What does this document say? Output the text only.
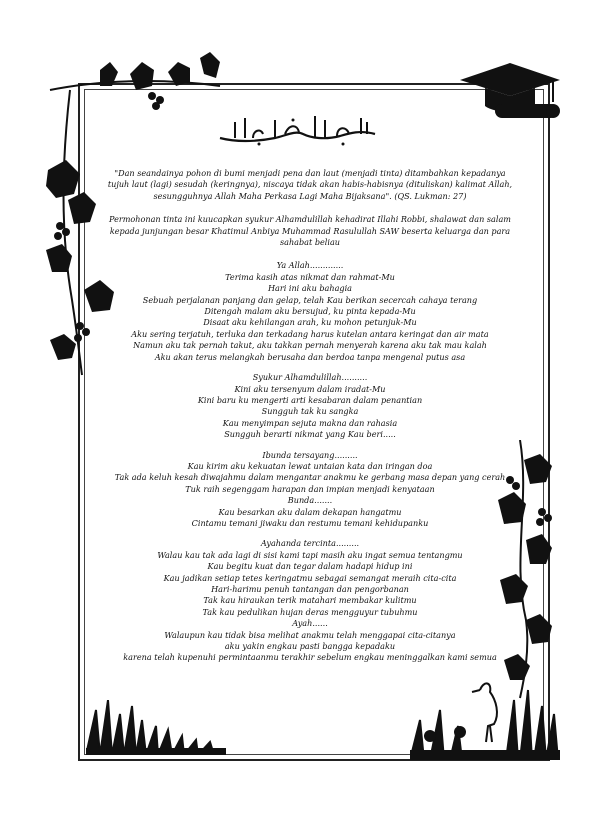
"Dan seandainya pohon di bumi menjadi pena dan laut (menjadi tinta) ditambahkan kepadanya tujuh laut (lagi) sesudah (keringnya), niscaya tidak akan habis-habisnya (dituliskan) kalimat Allah, sesungguhnya Allah Maha Perkasa Lagi Maha Bijaksana". (QS. Lukman: 27)
Permohonan tinta ini kuucapkan syukur Alhamdulillah kehadirat Illahi Robbi, shalawat dan salam kepada junjungan besar Khatimul Anbiya Muhammad Rasulullah SAW beserta keluarga dan para sahabat beliau
Ya Allah.............
Terima kasih atas nikmat dan rahmat-Mu
Hari ini aku bahagia
Sebuah perjalanan panjang dan gelap, telah Kau berikan secercah cahaya terang
Ditengah malam aku bersujud, ku pinta kepada-Mu
Disaat aku kehilangan arah, ku mohon petunjuk-Mu
Aku sering terjatuh, terluka dan terkadang harus kutelan antara keringat dan air mata
Namun aku tak pernah takut, aku takkan pernah menyerah karena aku tak mau kalah
Aku akan terus melangkah berusaha dan berdoa tanpa mengenal putus asa
Syukur Alhamdulillah..........
Kini aku tersenyum dalam iradat-Mu
Kini baru ku mengerti arti kesabaran dalam penantian
Sungguh tak ku sangka
Kau menyimpan sejuta makna dan rahasia
Sungguh berarti nikmat yang Kau beri.....
Ibunda tersayang.........
Kau kirim aku kekuatan lewat untaian kata dan iringan doa
Tak ada keluh kesah diwajahmu dalam mengantar anakmu ke gerbang masa depan yang cerah
Tuk raih segenggam harapan dan impian menjadi kenyataan
Bunda.......
Kau besarkan aku dalam dekapan hangatmu
Cintamu temani jiwaku dan restumu temani kehidupanku
Ayahanda tercinta.........
Walau kau tak ada lagi di sisi kami tapi masih aku ingat semua tentangmu
Kau begitu kuat dan tegar dalam hadapi hidup ini
Kau jadikan setiap tetes keringatmu sebagai semangat meraih cita-cita
Hari-harimu penuh tantangan dan pengorbanan
Tak kau hiraukan terik matahari membakar kulitmu
Tak kau pedulikan hujan deras mengguyur tubuhmu
Ayah......
Walaupun kau tidak bisa melihat anakmu telah menggapai cita-citanya
aku yakin engkau pasti bangga kepadaku
karena telah kupenuhi permintaanmu terakhir sebelum engkau meninggalkan kami semua
